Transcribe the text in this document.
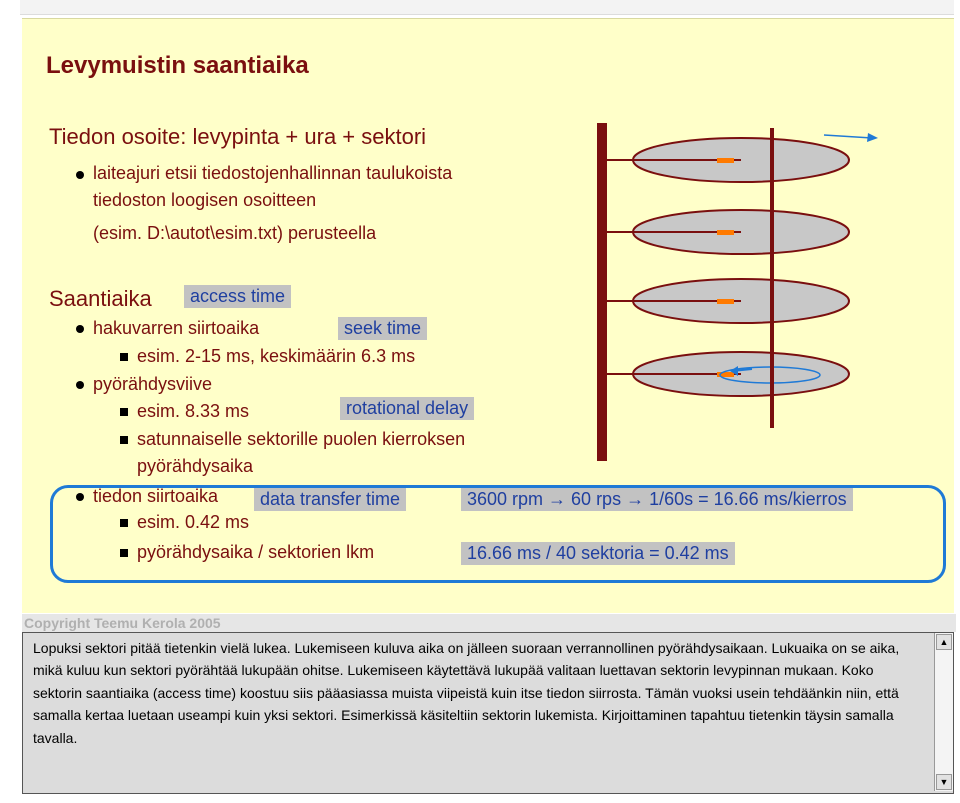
Levymuistin saantiaika
Tiedon osoite: levypinta + ura + sektori
laiteajuri etsii tiedostojenhallinnan taulukoista
tiedoston loogisen osoitteen
(esim. D:\autot\esim.txt) perusteella
Saantiaika	access time
hakuvarren siirtoaika	seek time
esim. 2-15 ms, keskimäärin 6.3 ms
pyörähdysviive
esim. 8.33 ms	rotational delay
satunnaiselle sektorille puolen kierroksen
pyörähdysaika
tiedon siirtoaika	data transfer time	3600 rpm → 60 rps → 1/60s = 16.66 ms/kierros
esim. 0.42 ms
pyörähdysaika / sektorien lkm	16.66 ms / 40 sektoria = 0.42 ms
Copyright Teemu Kerola 2005
Lopuksi sektori pitää tietenkin vielä lukea. Lukemiseen kuluva aika on jälleen suoraan verrannollinen pyörähdysaikaan. Lukuaika on se aika, mikä kuluu kun sektori pyörähtää lukupään ohitse. Lukemiseen käytettävä lukupää valitaan luettavan sektorin levypinnan mukaan. Koko sektorin saantiaika (access time) koostuu siis pääasiassa muista viipeistä kuin itse tiedon siirrosta. Tämän vuoksi usein tehdäänkin niin, että samalla kertaa luetaan useampi kuin yksi sektori. Esimerkissä käsiteltiin sektorin lukemista. Kirjoittaminen tapahtuu tietenkin täysin samalla tavalla.
▲
▼
